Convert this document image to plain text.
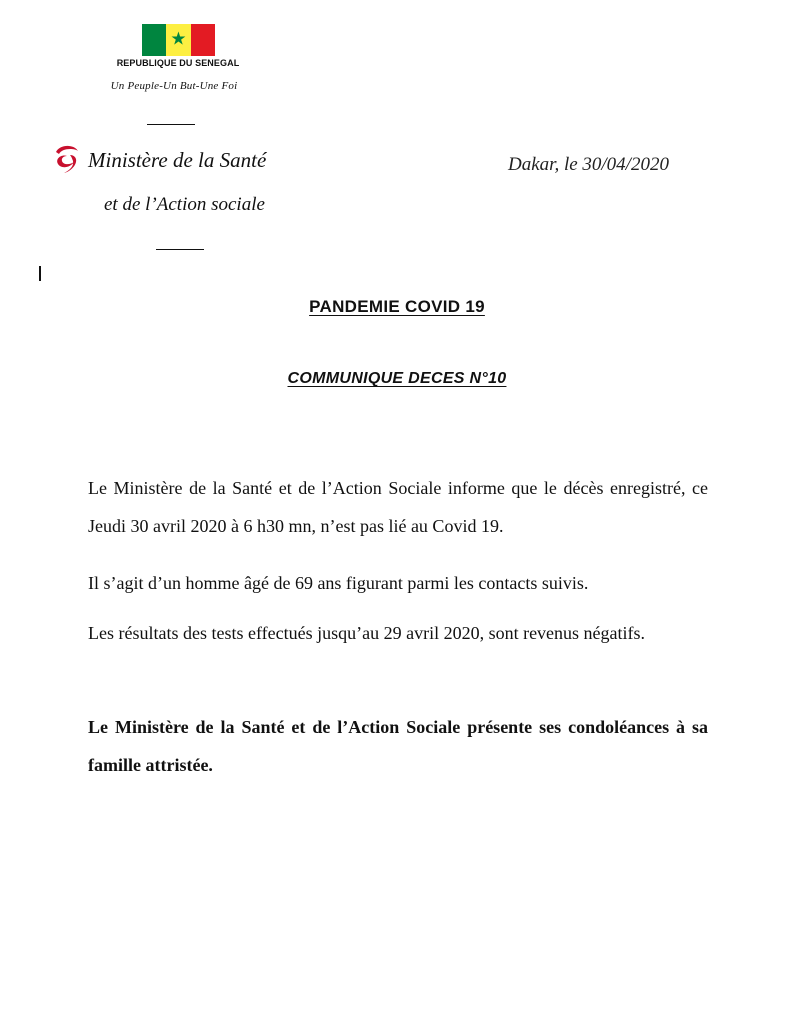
★
REPUBLIQUE DU SENEGAL
Un Peuple-Un But-Une Foi
Ministère de la Santé
et de l’Action sociale
Dakar, le 30/04/2020
PANDEMIE COVID 19
COMMUNIQUE DECES N°10
Le Ministère de la Santé et de l’Action Sociale informe que le décès enregistré, ce Jeudi 30 avril 2020 à 6 h30 mn, n’est pas lié au Covid 19.
Il s’agit d’un homme âgé de 69 ans figurant parmi les contacts suivis.
Les résultats des tests effectués jusqu’au 29 avril 2020, sont revenus négatifs.
Le Ministère de la Santé et de l’Action Sociale présente ses condoléances à sa famille attristée.
